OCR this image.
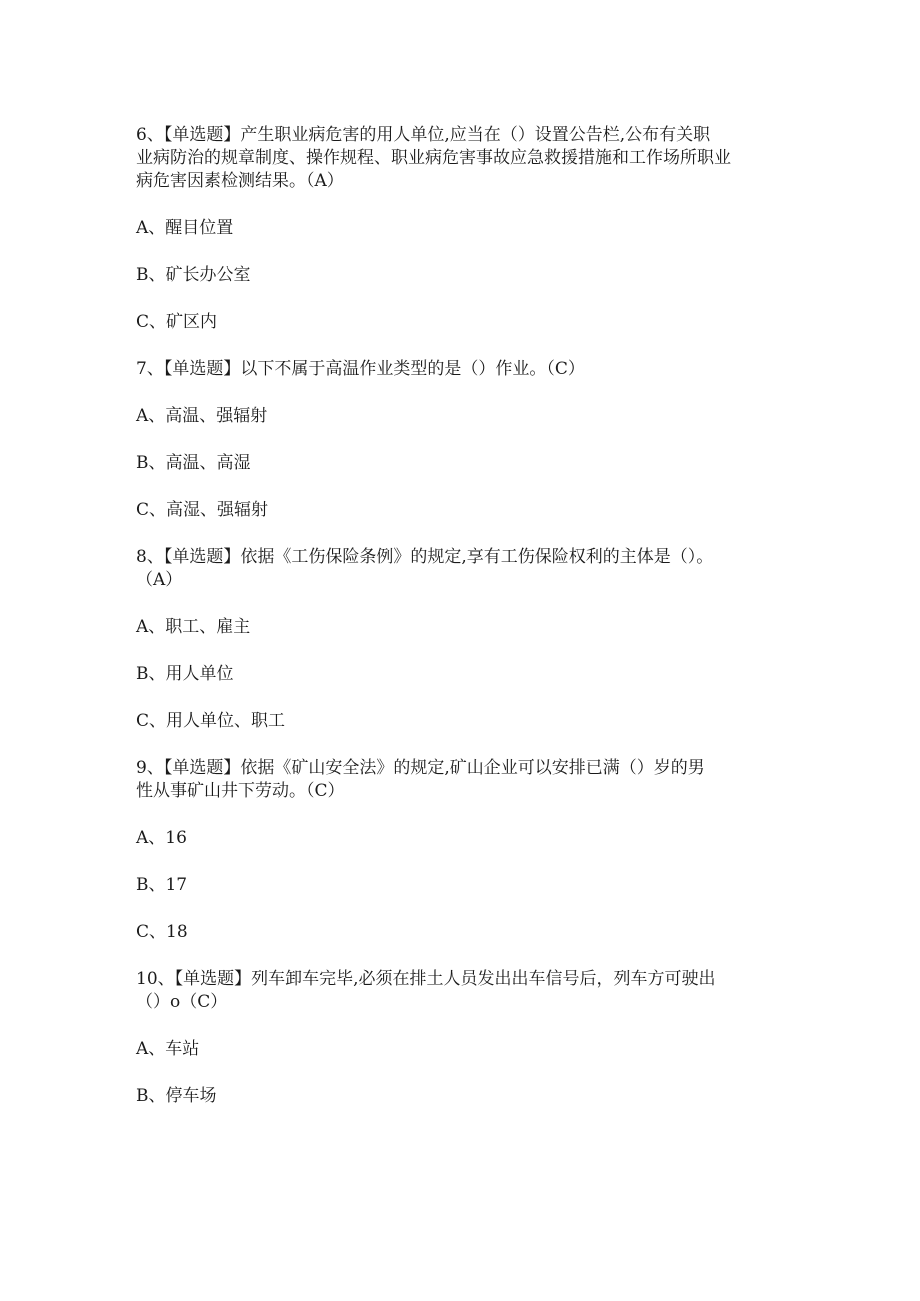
6、【单选题】产生职业病危害的用人单位,应当在（）设置公告栏,公布有关职
业病防治的规章制度、操作规程、职业病危害事故应急救援措施和工作场所职业
病危害因素检测结果。（A）
A、醒目位置
B、矿长办公室
C、矿区内
7、【单选题】以下不属于高温作业类型的是（）作业。（C）
A、高温、强辐射
B、高温、高湿
C、高湿、强辐射
8、【单选题】依据《工伤保险条例》的规定,享有工伤保险权利的主体是（）。
（A）
A、职工、雇主
B、用人单位
C、用人单位、职工
9、【单选题】依据《矿山安全法》的规定,矿山企业可以安排已满（）岁的男
性从事矿山井下劳动。（C）
A、16
B、17
C、18
10、【单选题】列车卸车完毕,必须在排土人员发出出车信号后，列车方可驶出
（）o（C）
A、车站
B、停车场
